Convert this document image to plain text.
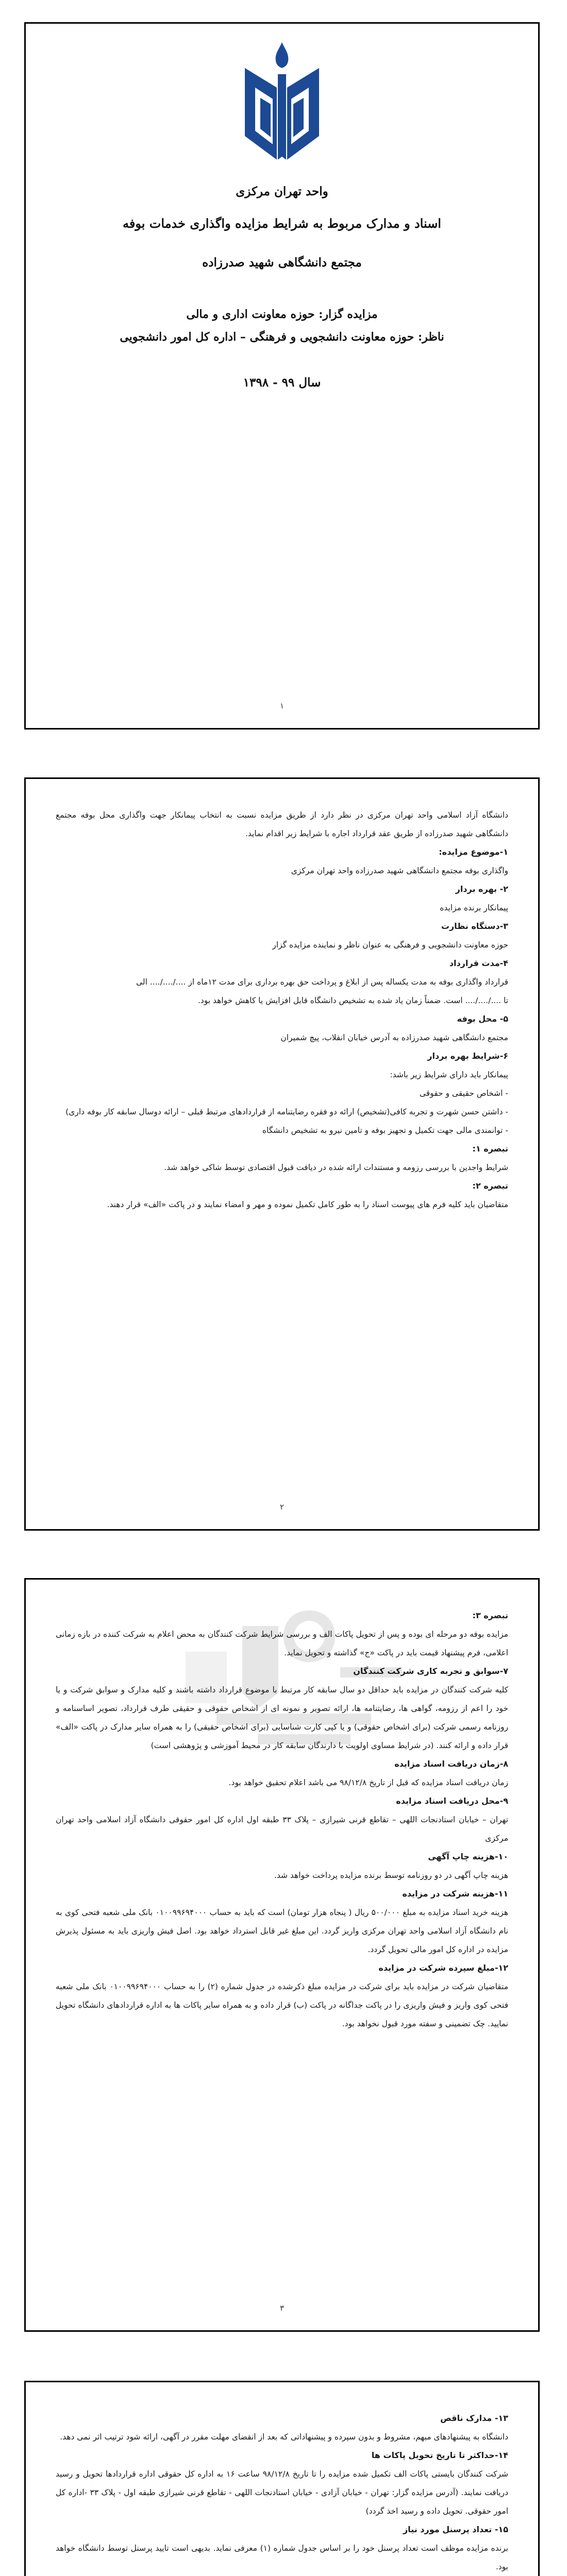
واحد تهران مرکزی

اسناد و مدارک مربوط به شرایط مزایده واگذاری خدمات بوفه

مجتمع دانشگاهی شهید صدرزاده

مزایده گزار: حوزه معاونت اداری و مالی

ناظر: حوزه معاونت دانشجویی و فرهنگی – اداره کل امور دانشجویی

سال ۹۹ - ۱۳۹۸

۱

دانشگاه آزاد اسلامی واحد تهران مرکزی در نظر دارد از طریق مزایده نسبت به انتخاب پیمانکار جهت واگذاری محل بوفه مجتمع دانشگاهی شهید صدرزاده از طریق عقد قرارداد اجاره با شرایط زیر اقدام نماید.

۱-موضوع مزایده:

واگذاری بوفه مجتمع دانشگاهی شهید صدرزاده واحد تهران مرکزی

۲- بهره بردار

پیمانکار برنده مزایده

۳-دستگاه نظارت

حوزه معاونت دانشجویی و فرهنگی به عنوان ناظر و نماینده مزایده گزار

۴-مدت قرارداد

قرارداد واگذاری بوفه به مدت یکساله پس از ابلاغ و پرداخت حق بهره برداری برای مدت ۱۲ماه از ..../..../.... الی

تا ..../..../.... است. ضمناً زمان یاد شده به تشخیص دانشگاه قابل افزایش یا کاهش خواهد بود.

۵- محل بوفه

مجتمع دانشگاهی شهید صدرزاده به آدرس خیابان انقلاب، پیچ شمیران

۶-شرایط بهره بردار

پیمانکار باید دارای شرایط زیر باشد:

- اشخاص حقیقی و حقوقی

- داشتن حسن شهرت و تجربه کافی(تشخیص) ارائه دو فقره رضایتنامه از قراردادهای مرتبط قبلی – ارائه دوسال سابقه کار بوفه داری)

- توانمندی مالی جهت تکمیل و تجهیز بوفه و تامین نیرو به تشخیص دانشگاه

تبصره ۱:

شرایط واجدین با بررسی رزومه و مستندات ارائه شده در دیافت قبول اقتصادی توسط شاکی خواهد شد.

تبصره ۲:

متقاضیان باید کلیه فرم های پیوست اسناد را به طور کامل تکمیل نموده و مهر و امضاء نمایند و در پاکت «الف» قرار دهند.

۲

تبصره ۳:

مزایده بوفه دو مرحله ای بوده و پس از تحویل پاکات الف و بررسی شرایط شرکت کنندگان به محض اعلام به شرکت کننده در بازه زمانی اعلامی، فرم پیشنهاد قیمت باید در پاکت «ج» گذاشته و تحویل نماید.

۷-سوابق و تجربه کاری شرکت کنندگان

کلیه شرکت کنندگان در مزایده باید حداقل دو سال سابقه کار مرتبط با موضوع قرارداد داشته باشند و کلیه مدارک و سوابق شرکت و یا خود را اعم از رزومه، گواهی ها، رضایتنامه ها، ارائه تصویر و نمونه ای از اشخاص حقوقی و حقیقی طرف قرارداد، تصویر اساسنامه و روزنامه رسمی شرکت (برای اشخاص حقوقی) و یا کپی کارت شناسایی (برای اشخاص حقیقی) را به همراه سایر مدارک در پاکت «الف» قرار داده و ارائه کنند. (در شرایط مساوی اولویت با دارندگان سابقه کار در محیط آموزشی و پژوهشی است)

۸-زمان دریافت اسناد مزایده

زمان دریافت اسناد مزایده که قبل از تاریخ ۹۸/۱۲/۸ می باشد اعلام تحقیق خواهد بود.

۹-محل دریافت اسناد مزایده

تهران – خیابان استادنجات اللهی – تقاطع قرنی شیرازی – پلاک ۳۳ طبقه اول اداره کل امور حقوقی دانشگاه آزاد اسلامی واحد تهران مرکزی

۱۰-هزینه چاپ آگهی

هزینه چاپ آگهی در دو روزنامه توسط برنده مزایده پرداخت خواهد شد.

۱۱-هزینه شرکت در مزایده

هزینه خرید اسناد مزایده به مبلغ ۵۰۰/۰۰۰ ریال ( پنجاه هزار تومان) است که باید به حساب ۰۱۰۰۹۹۶۹۴۰۰۰ بانک ملی شعبه فتحی کوی به نام دانشگاه آزاد اسلامی واحد تهران مرکزی واریز گردد. این مبلغ غیر قابل استرداد خواهد بود. اصل فیش واریزی باید به مسئول پذیرش مزایده در اداره کل امور مالی تحویل گردد.

۱۲-مبلغ سپرده شرکت در مزایده

متقاضیان شرکت در مزایده باید برای شرکت در مزایده مبلغ ذکرشده در جدول شماره (۲) را به حساب ۰۱۰۰۹۹۶۹۴۰۰۰ بانک ملی شعبه فتحی کوی واریز و فیش واریزی را در پاکت جداگانه در پاکت (ب) قرار داده و به همراه سایر پاکات ها به اداره قراردادهای دانشگاه تحویل نمایید. چک تضمینی و سفته مورد قبول نخواهد بود.

۳

۱۳- مدارک ناقص

دانشگاه به پیشنهادهای مبهم، مشروط و بدون سپرده و پیشنهاداتی که بعد از انقضای مهلت مقرر در آگهی، ارائه شود ترتیب اثر نمی دهد.

۱۴-حداکثر تا تاریخ تحویل پاکات ها

شرکت کنندگان بایستی پاکات الف تکمیل شده مزایده را تا تاریخ ۹۸/۱۲/۸ ساعت ۱۶ به اداره کل حقوقی اداره قراردادها تحویل و رسید دریافت نمایند. (آدرس مزایده گزار: تهران - خیابان آزادی - خیابان استادنجات اللهی - تقاطع قرنی شیرازی طبقه اول - پلاک ۳۳ -اداره کل امور حقوقی. تحویل داده و رسید اخذ گردد)

۱۵- تعداد پرسنل مورد نیاز

برنده مزایده موظف است تعداد پرسنل خود را بر اساس جدول شماره (۱) معرفی نماید. بدیهی است تایید پرسنل توسط دانشگاه خواهد بود.
